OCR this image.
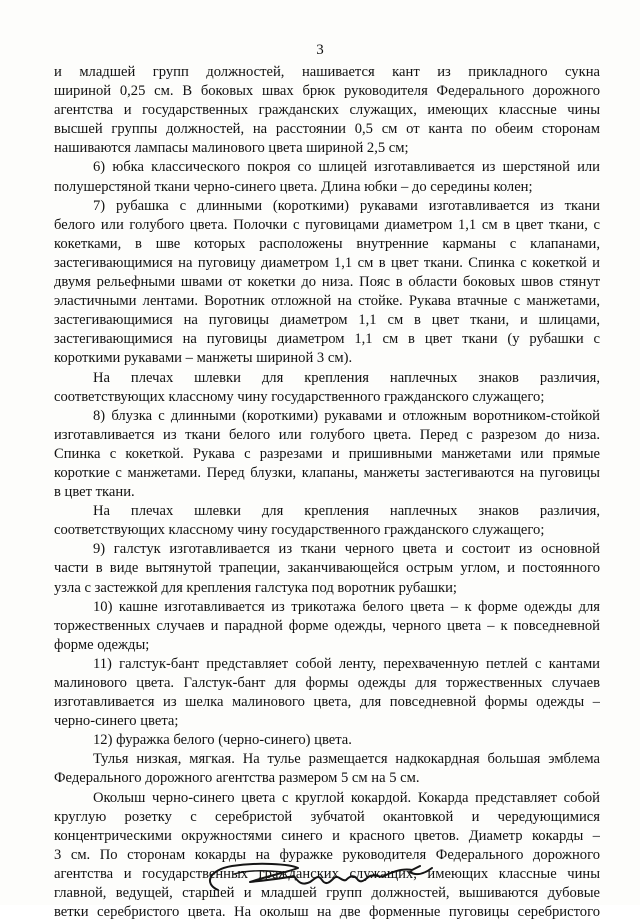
3
и младшей групп должностей, нашивается кант из прикладного сукна
шириной 0,25 см. В боковых швах брюк руководителя Федерального дорожного
агентства и государственных гражданских служащих, имеющих классные чины
высшей группы должностей, на расстоянии 0,5 см от канта по обеим сторонам
нашиваются лампасы малинового цвета шириной 2,5 см;
6) юбка классического покроя со шлицей изготавливается из шерстяной или
полушерстяной ткани черно-синего цвета. Длина юбки – до середины колен;
7) рубашка с длинными (короткими) рукавами изготавливается из ткани
белого или голубого цвета. Полочки с пуговицами диаметром 1,1 см в цвет ткани, с
кокетками, в шве которых расположены внутренние карманы с клапанами,
застегивающимися на пуговицу диаметром 1,1 см в цвет ткани. Спинка с кокеткой и
двумя рельефными швами от кокетки до низа. Пояс в области боковых швов стянут
эластичными лентами. Воротник отложной на стойке. Рукава втачные с манжетами,
застегивающимися на пуговицы диаметром 1,1 см в цвет ткани, и шлицами,
застегивающимися на пуговицы диаметром 1,1 см в цвет ткани (у рубашки с
короткими рукавами – манжеты шириной 3 см).
На плечах шлевки для крепления наплечных знаков различия,
соответствующих классному чину государственного гражданского служащего;
8) блузка с длинными (короткими) рукавами и отложным воротником-стойкой
изготавливается из ткани белого или голубого цвета. Перед с разрезом до низа.
Спинка с кокеткой. Рукава с разрезами и пришивными манжетами или прямые
короткие с манжетами. Перед блузки, клапаны, манжеты застегиваются на пуговицы
в цвет ткани.
На плечах шлевки для крепления наплечных знаков различия,
соответствующих классному чину государственного гражданского служащего;
9) галстук изготавливается из ткани черного цвета и состоит из основной
части в виде вытянутой трапеции, заканчивающейся острым углом, и постоянного
узла с застежкой для крепления галстука под воротник рубашки;
10) кашне изготавливается из трикотажа белого цвета – к форме одежды для
торжественных случаев и парадной форме одежды, черного цвета – к повседневной
форме одежды;
11) галстук-бант представляет собой ленту, перехваченную петлей с кантами
малинового цвета. Галстук-бант для формы одежды для торжественных случаев
изготавливается из шелка малинового цвета, для повседневной формы одежды –
черно-синего цвета;
12) фуражка белого (черно-синего) цвета.
Тулья низкая, мягкая. На тулье размещается надкокардная большая эмблема
Федерального дорожного агентства размером 5 см на 5 см.
Околыш черно-синего цвета с круглой кокардой. Кокарда представляет собой
круглую розетку с серебристой зубчатой окантовкой и чередующимися
концентрическими окружностями синего и красного цветов. Диаметр кокарды –
3 см. По сторонам кокарды на фуражке руководителя Федерального дорожного
агентства и государственных гражданских служащих, имеющих классные чины
главной, ведущей, старшей и младшей групп должностей, вышиваются дубовые
ветки серебристого цвета. На околыш на две форменные пуговицы серебристого
